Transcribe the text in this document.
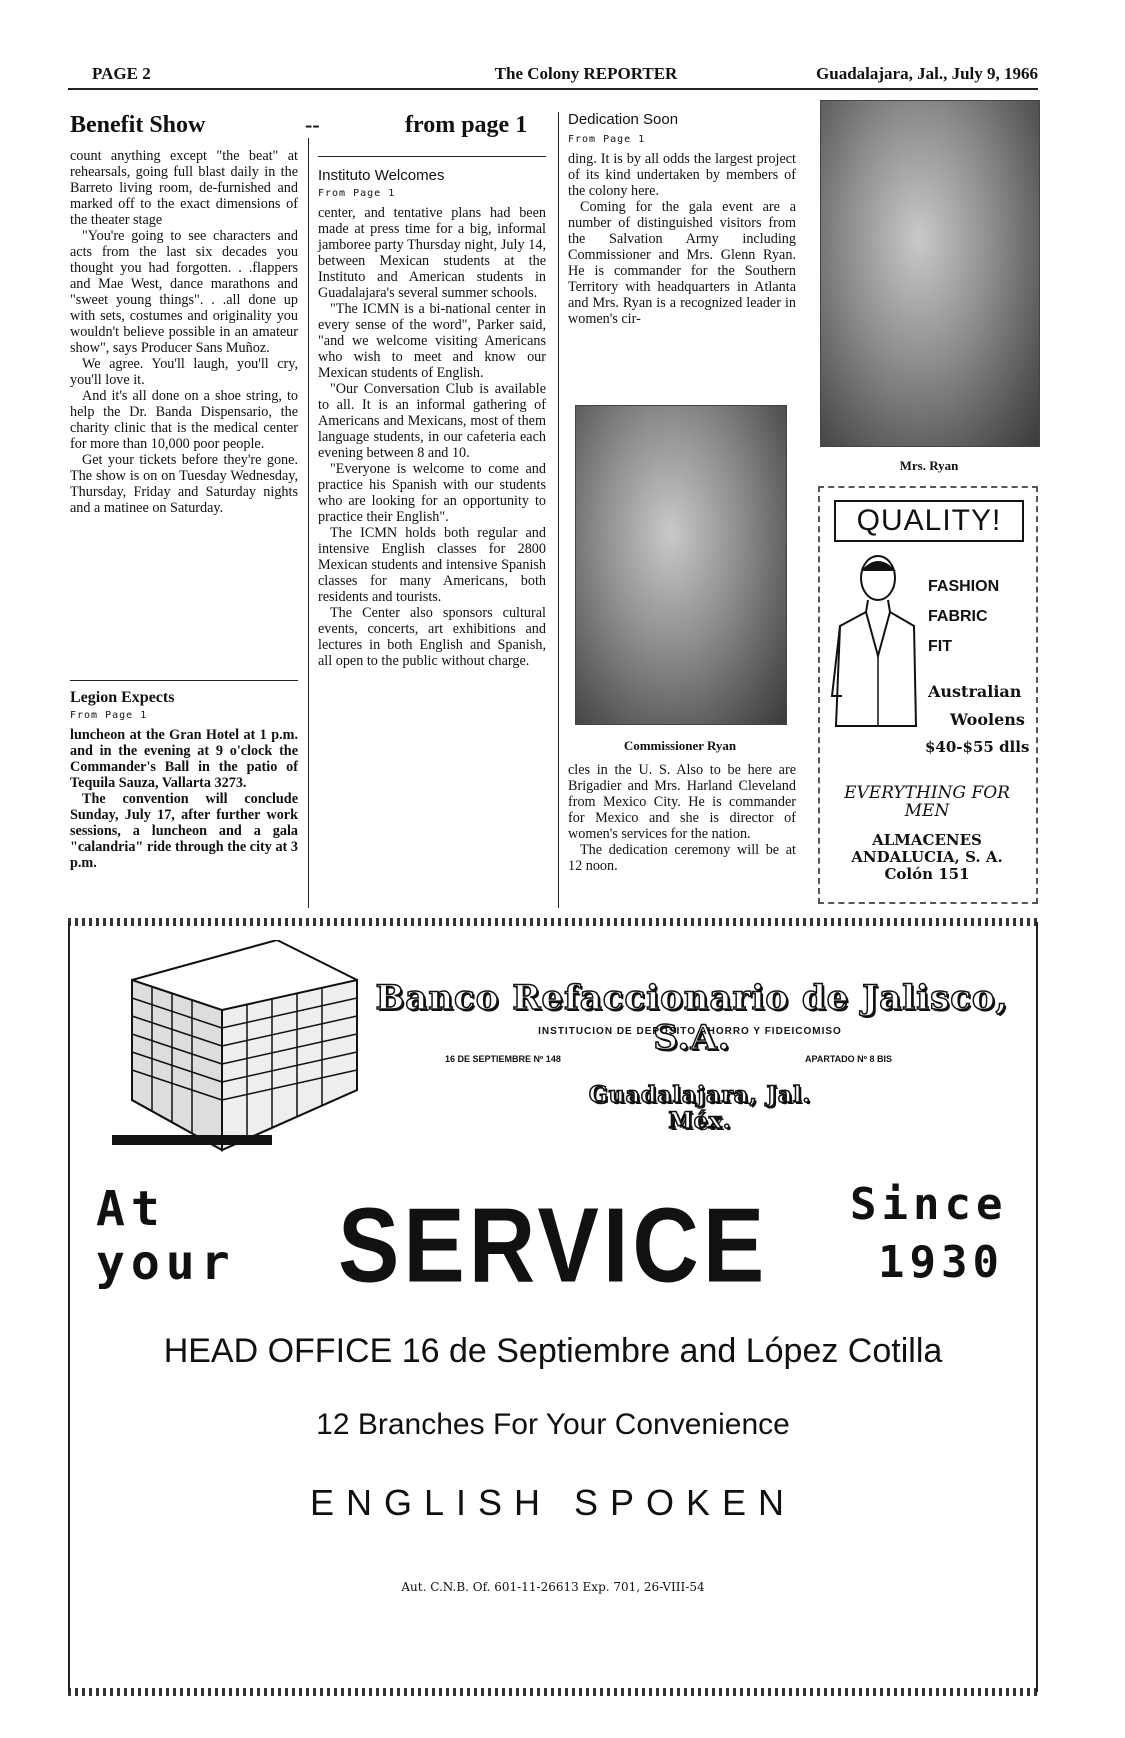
PAGE 2	The Colony REPORTER	Guadalajara, Jal., July 9, 1966
Benefit Show	--	from page 1

count anything except "the beat" at rehearsals, going full blast daily in the Barreto living room, de-furnished and marked off to the exact dimensions of the theater stage

"You're going to see characters and acts from the last six decades you thought you had forgotten. . .flappers and Mae West, dance marathons and "sweet young things". . .all done up with sets, costumes and originality you wouldn't believe possible in an amateur show", says Producer Sans Muñoz.

We agree. You'll laugh, you'll cry, you'll love it.

And it's all done on a shoe string, to help the Dr. Banda Dispensario, the charity clinic that is the medical center for more than 10,000 poor people.

Get your tickets before they're gone. The show is on on Tuesday Wednesday, Thursday, Friday and Saturday nights and a matinee on Saturday.

Legion Expects
From Page 1

luncheon at the Gran Hotel at 1 p.m. and in the evening at 9 o'clock the Commander's Ball in the patio of Tequila Sauza, Vallarta 3273.

The convention will conclude Sunday, July 17, after further work sessions, a luncheon and a gala "calandria" ride through the city at 3 p.m.

Instituto Welcomes
From Page 1

center, and tentative plans had been made at press time for a big, informal jamboree party Thursday night, July 14, between Mexican students at the Instituto and American students in Guadalajara's several summer schools.

"The ICMN is a bi-national center in every sense of the word", Parker said, "and we welcome visiting Americans who wish to meet and know our Mexican students of English.

"Our Conversation Club is available to all. It is an informal gathering of Americans and Mexicans, most of them language students, in our cafeteria each evening between 8 and 10.

"Everyone is welcome to come and practice his Spanish with our students who are looking for an opportunity to practice their English".

The ICMN holds both regular and intensive English classes for 2800 Mexican students and intensive Spanish classes for many Americans, both residents and tourists.

The Center also sponsors cultural events, concerts, art exhibitions and lectures in both English and Spanish, all open to the public without charge.

Dedication Soon
From Page 1

ding. It is by all odds the largest project of its kind undertaken by members of the colony here.

Coming for the gala event are a number of distinguished visitors from the Salvation Army including Commissioner and Mrs. Glenn Ryan. He is commander for the Southern Territory with headquarters in Atlanta and Mrs. Ryan is a recognized leader in women's cir-

Commissioner Ryan

cles in the U. S. Also to be here are Brigadier and Mrs. Harland Cleveland from Mexico City. He is commander for Mexico and she is director of women's services for the nation.

The dedication ceremony will be at 12 noon.

Mrs. Ryan
QUALITY!
FASHION
FABRIC
FIT
Australian
Woolens
$40-$55 dlls
EVERYTHING FOR MEN
ALMACENES
ANDALUCIA, S. A.
Colón 151
Banco Refaccionario de Jalisco, S.A.
INSTITUCION DE DEPOSITO AHORRO Y FIDEICOMISO
16 DE SEPTIEMBRE Nº 148	APARTADO Nº 8 BIS
Guadalajara, Jal. Méx.
At
your SERVICE Since
1930
HEAD OFFICE 16 de Septiembre and López Cotilla
12 Branches For Your Convenience
ENGLISH SPOKEN
Aut. C.N.B. Of. 601-11-26613 Exp. 701, 26-VIII-54
